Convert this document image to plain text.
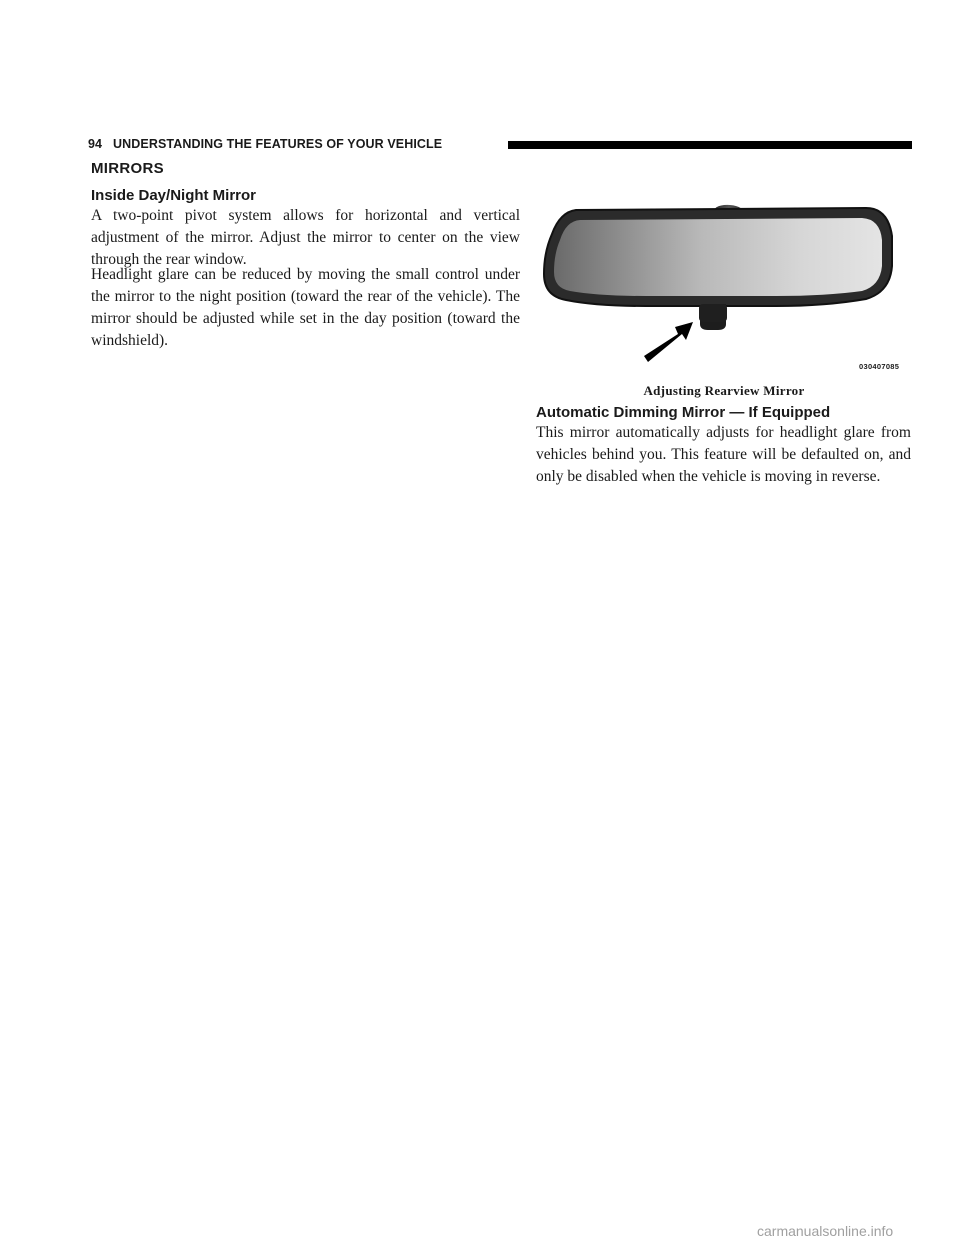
94 UNDERSTANDING THE FEATURES OF YOUR VEHICLE
MIRRORS
Inside Day/Night Mirror

A two-point pivot system allows for horizontal and vertical adjustment of the mirror. Adjust the mirror to center on the view through the rear window.

Headlight glare can be reduced by moving the small control under the mirror to the night position (toward the rear of the vehicle). The mirror should be adjusted while set in the day position (toward the windshield).

030407085
Adjusting Rearview Mirror
Automatic Dimming Mirror — If Equipped

This mirror automatically adjusts for headlight glare from vehicles behind you. This feature will be defaulted on, and only be disabled when the vehicle is moving in reverse.

carmanualsonline.info
